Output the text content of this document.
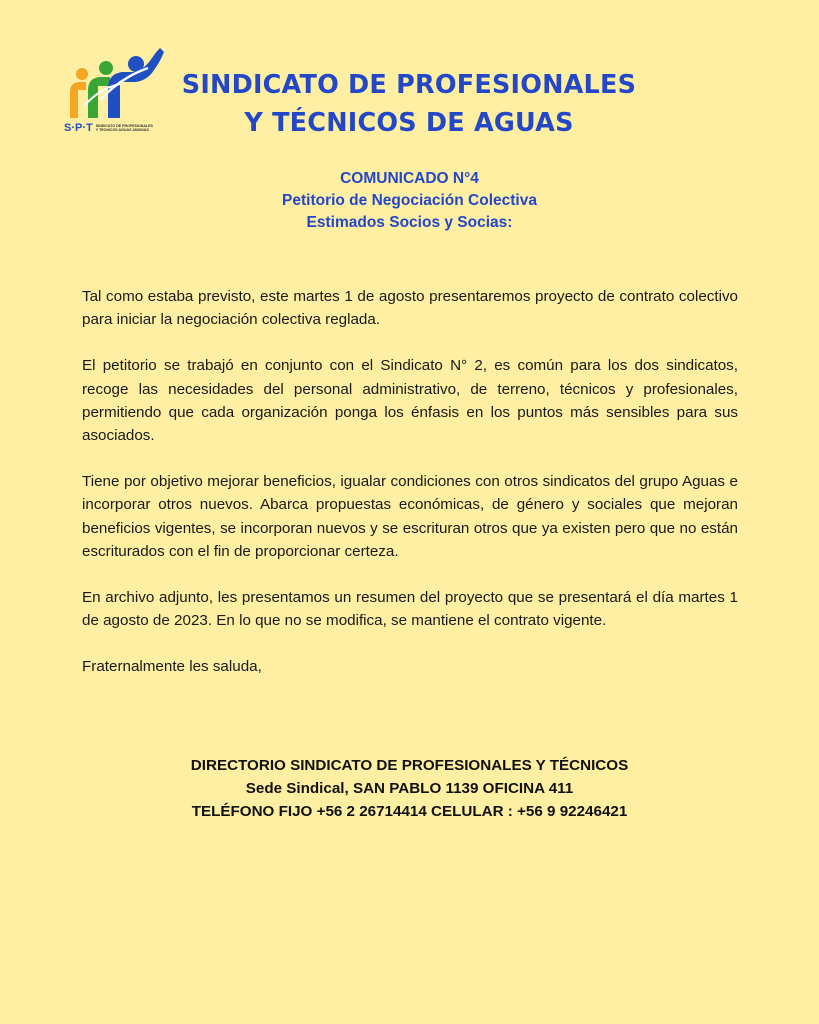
S·P·T SINDICATO DE PROFESIONALES
Y TECNICOS AGUAS ANDINAS
SINDICATO DE PROFESIONALES
Y TÉCNICOS DE AGUAS
COMUNICADO N°4
Petitorio de Negociación Colectiva
Estimados Socios y Socias:

Tal como estaba previsto, este martes 1 de agosto presentaremos proyecto de contrato colectivo para iniciar la negociación colectiva reglada.

El petitorio se trabajó en conjunto con el Sindicato N° 2, es común para los dos sindicatos, recoge las necesidades del personal administrativo, de terreno, técnicos y profesionales, permitiendo que cada organización ponga los énfasis en los puntos más sensibles para sus asociados.

Tiene por objetivo mejorar beneficios, igualar condiciones con otros sindicatos del grupo Aguas e incorporar otros nuevos. Abarca propuestas económicas, de género y sociales que mejoran beneficios vigentes, se incorporan nuevos y se escrituran otros que ya existen pero que no están escriturados con el fin de proporcionar certeza.

En archivo adjunto, les presentamos un resumen del proyecto que se presentará el día martes 1 de agosto de 2023. En lo que no se modifica, se mantiene el contrato vigente.

Fraternalmente les saluda,

DIRECTORIO SINDICATO DE PROFESIONALES Y TÉCNICOS
Sede Sindical, SAN PABLO 1139 OFICINA 411
TELÉFONO FIJO +56 2 26714414 CELULAR : +56 9 92246421
